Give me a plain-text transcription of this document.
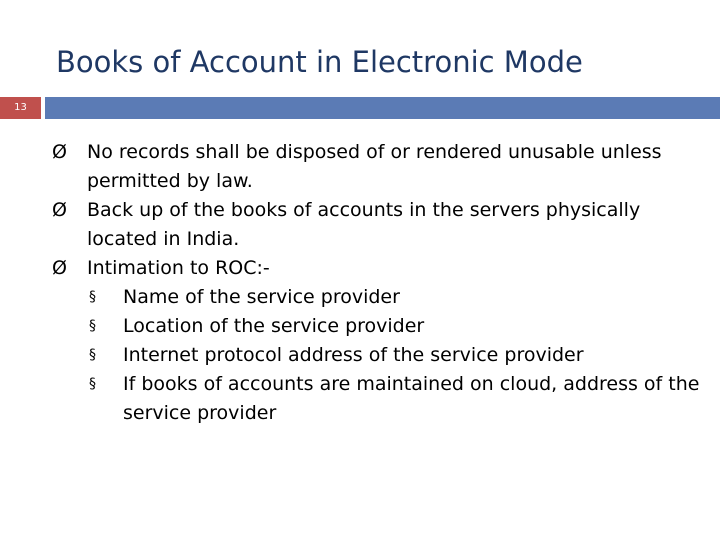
Books of Account in Electronic Mode
13
Ø	No records shall be disposed of or rendered unusable unless permitted by law.
Ø	Back up of the books of accounts in the servers physically located in India.
Ø	Intimation to ROC:-
§ Name of the service provider
§ Location of the service provider
§ Internet protocol address of the service provider
§ If books of accounts are maintained on cloud, address of the service provider
